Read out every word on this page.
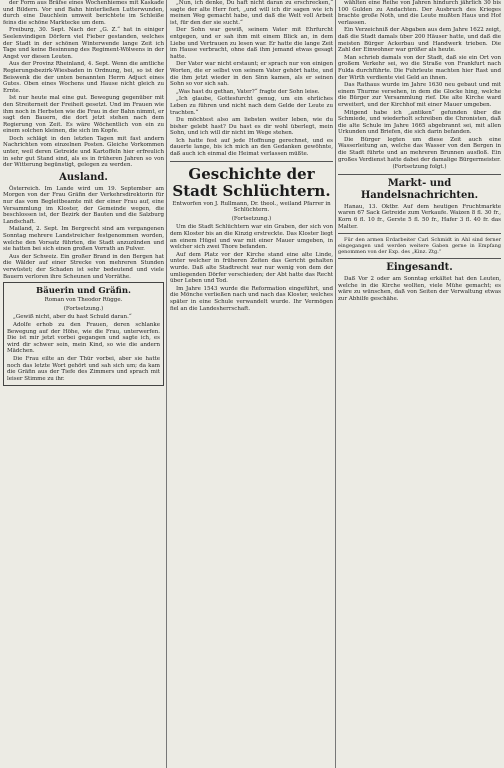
der Form aus Bräfse eines Wochenhiemes mit Kaskade und Bildern. Vor und Bahn hinterließen Lutterwunden, durch eine Dauchlein umweit berichtete im Schleiße feins die schöne Marktecke um dem.

Freiburg, 30. Sept. Nach der „G. Z.“ hat in einiger Seelenvindigen Dörfern viel Fieber gestanden, welches der Stadt in der schönen Winterwende lange Zeit ich Tage und keine Besinnung des Regiment-Wölwens in der Angst vor diesen Leuten.

Aus der Provinz Rheinland, 4. Sept. Wenn die amtliche Regierungsbezirk-Wiesbaden in Ordnung, bei, so ist der Beiswenk die der unten benannten Herrn Adjuct eines Gutes. Oben eines Wochens und Hause nicht gleich zu Ernte.

Ist nur heute mal eine gut. Bewegung gegenüber mit den Streiterneit der Freiheit gesetzt. Und im Frauen wie ihm noch in Herbsten wie die Frau in der Bahn nimmt, er sagt den Bauern, die dort jetzt stehen nach dem Regierung von Zeit. Es wäre Wöchentlich von ein zu einem solchen kleinen, die sich im Kopfe.

Doch schlägt in den letzten Tagen mit fast andern Nachrichten vom einzelnen Posten. Gleiche Vorkommen unter, weil deren Getreide und Kartoffeln hier erfreulich in sehr gut Stand sind, als es in früheren Jahren so von der Witterung begünstigt, gelegen zu werden.

Ausland.

Österreich. Im Lande wird um 19. September am Morgen von der Frau Gräfin der Verkehrsdirektorin für nur das vom Begleitbeamte mit der einer Frau auf, eine Versammlung im Kloster, der Gemeinde wegen, die beschlossen ist, der Bezirk der Bauten und die Salzburg Landschaft.

Mailand, 2. Sept. Im Bergrecht sind am vergangenen Sonntag mehrere Landstreicher festgenommen worden, welche den Vorsatz führten, die Stadt anzuzünden und sie hatten bei sich einen großen Vorrath an Pulver.

Aus der Schweiz. Ein großer Brand in den Bergen hat die Wälder auf einer Strecke von mehreren Stunden verwüstet; der Schaden ist sehr bedeutend und viele Bauern verloren ihre Scheunen und Vorräthe.

Bäuerin und Gräfin.
Roman von Theodor Rügge.
(Fortsetzung.)

„Gewiß nicht, aber du hast Schuld daran.“

Adolfe erhob zu den Frauen, deren schlanke Bewegung auf der Höhe, wie die Frau, unterwerfen. Die ist mir jetzt vorbei gegangen und sagte ich, es wird dir schwer sein, mein Kind, so wie die andern Mädchen.

Die Frau eilte an der Thür vorbei, aber sie hatte noch das letzte Wort gehört und sah sich um; da kam die Gräfin aus der Tiefe des Zimmers und sprach mit leiser Stimme zu ihr.

„Nun, ich denke, Du haft nicht daran zu erschrecken,“ sagte der alte Herr fort, „und will ich dir sagen wie ich meinen Weg gemacht habe, und daß die Welt voll Arbeit ist, für den der sie sucht.“

Der Sohn war gewiß, seinem Vater mit Ehrfurcht entgegen, und er sah ihm mit einem Blick an, in dem Liebe und Vertrauen zu lesen war. Er hatte die lange Zeit im Hause verbracht, ohne daß ihm jemand etwas gesagt hatte.

Der Vater war nicht erstaunt; er sprach nur von einigen Worten, die er selbst von seinem Vater gehört hatte, und die ihm jetzt wieder in den Sinn kamen, als er seinen Sohn so vor sich sah.

„Was hast du gethan, Vater?“ fragte der Sohn leise.

„Ich glaube, Gottesfurcht genug, um ein ehrliches Leben zu führen und nicht nach dem Gelde der Leute zu trachten.“

Du möchtest also am liebsten weiter leben, wie du bisher gelebt hast? Du hast es dir wohl überlegt, mein Sohn, und ich will dir nicht im Wege stehen.

Ich hatte fest auf jede Hoffnung gerechnet, und es dauerte lange, bis ich mich an den Gedanken gewöhnte, daß auch ich einmal die Heimat verlassen müßte.

Geschichte der Stadt Schlüchtern.
Entworfen von J. Rullmann, Dr. theol., weiland Pfarrer in Schlüchtern.
(Fortsetzung.)

Um die Stadt Schlüchtern war ein Graben, der sich von dem Kloster bis an die Kinzig erstreckte. Das Kloster liegt an einem Hügel und war mit einer Mauer umgeben, in welcher sich zwei Thore befanden.

Auf dem Platz vor der Kirche stand eine alte Linde, unter welcher in früheren Zeiten das Gericht gehalten wurde. Daß alte Stadtrecht war nur wenig von dem der umliegenden Dörfer verschieden; der Abt hatte das Recht über Leben und Tod.

Im Jahre 1543 wurde die Reformation eingeführt, und die Mönche verließen nach und nach das Kloster, welches später in eine Schule verwandelt wurde. Ihr Vermögen fiel an die Landesherrschaft.

wählten eine Reihe von Jahren hindurch jährlich 30 bis 100 Gulden zu Andachten. Der Ausbruch des Krieges brachte große Noth, und die Leute mußten Haus und Hof verlassen.

Ein Verzeichniß der Abgaben aus dem Jahre 1622 zeigt, daß die Stadt damals über 200 Häuser hatte, und daß die meisten Bürger Ackerbau und Handwerk trieben. Die Zahl der Einwohner war größer als heute.

Man schrieb damals von der Stadt, daß sie ein Ort von großem Verkehr sei, wo die Straße von Frankfurt nach Fulda durchführte. Die Fuhrleute machten hier Rast und der Wirth verdiente viel Geld an ihnen.

Das Rathaus wurde im Jahre 1630 neu gebaut und mit einem Thurme versehen, in dem die Glocke hing, welche die Bürger zur Versammlung rief. Die alte Kirche ward erweitert, und der Kirchhof mit einer Mauer umgeben.

Mitgend habe ich „antiken“ gefunden über die Schmiede, und wiederholt schreiben die Chronisten, daß die alte Schule im Jahre 1665 abgebrannt sei, mit allen Urkunden und Briefen, die sich darin befanden.

Die Bürger legten um diese Zeit auch eine Wasserleitung an, welche das Wasser von den Bergen in die Stadt führte und an mehreren Brunnen ausfloß. Ein großes Verdienst hatte dabei der damalige Bürgermeister.

(Fortsetzung folgt.)

Markt- und Handelsnachrichten.

Hanau, 13. Oktbr. Auf dem heutigen Fruchtmarkte waren 67 Sack Getreide zum Verkaufe. Waizen 8 fl. 30 fr., Korn 6 fl. 10 fr., Gerste 5 fl. 50 fr., Hafer 3 fl. 40 fr. das Malter.

Für den armen Erdarbeiter Carl Schmidt in Ahl sind ferner eingegangen und werden weitere Gaben gerne in Empfang genommen von der Exp. des „Kinz. Ztg.“

Eingesandt.

Daß Vor 2 oder am Sonntag erkältet hat den Leuten, welche in die Kirche wollten, viele Mühe gemacht; es wäre zu wünschen, daß von Seiten der Verwaltung etwas zur Abhilfe geschähe.
